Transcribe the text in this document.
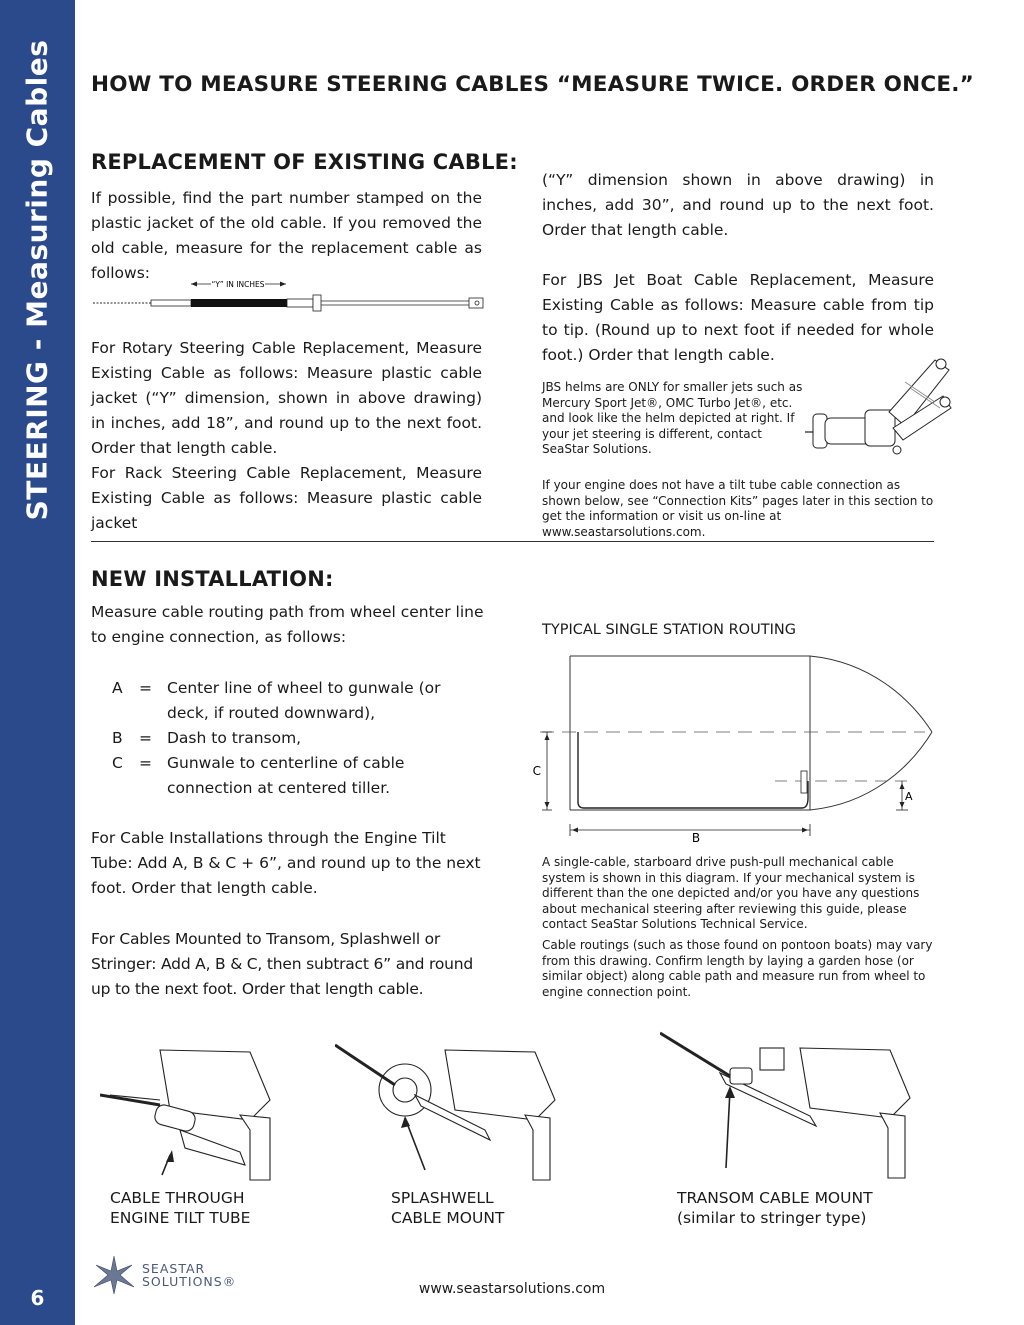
STEERING - Measuring Cables
6
HOW TO MEASURE STEERING CABLES “MEASURE TWICE. ORDER ONCE.”
REPLACEMENT OF EXISTING CABLE:

If possible, find the part number stamped on the plastic jacket of the old cable. If you removed the old cable, measure for the replacement cable as follows:

“Y” IN INCHES

For Rotary Steering Cable Replacement, Measure Existing Cable as follows: Measure plastic cable jacket (“Y” dimension, shown in above drawing) in inches, add 18”, and round up to the next foot. Order that length cable.

For Rack Steering Cable Replacement, Measure Existing Cable as follows: Measure plastic cable jacket

(“Y” dimension shown in above drawing) in inches, add 30”, and round up to the next foot. Order that length cable.

For JBS Jet Boat Cable Replacement, Measure Existing Cable as follows: Measure cable from tip to tip. (Round up to next foot if needed for whole foot.) Order that length cable.

JBS helms are ONLY for smaller jets such as Mercury Sport Jet®, OMC Turbo Jet®, etc. and look like the helm depicted at right. If your jet steering is different, contact SeaStar Solutions.

If your engine does not have a tilt tube cable connection as shown below, see “Connection Kits” pages later in this section to get the information or visit us on-line at www.seastarsolutions.com.

NEW INSTALLATION:

Measure cable routing path from wheel center line to engine connection, as follows:

A	= Center line of wheel to gunwale (or
deck, if routed downward),
B	= Dash to transom,
C	= Gunwale to centerline of cable
connection at centered tiller.

For Cable Installations through the Engine Tilt Tube: Add A, B & C + 6”, and round up to the next foot. Order that length cable.

For Cables Mounted to Transom, Splashwell or Stringer: Add A, B & C, then subtract 6” and round up to the next foot. Order that length cable.

TYPICAL SINGLE STATION ROUTING
C
A
B

A single-cable, starboard drive push-pull mechanical cable system is shown in this diagram. If your mechanical system is different than the one depicted and/or you have any questions about mechanical steering after reviewing this guide, please contact SeaStar Solutions Technical Service.

Cable routings (such as those found on pontoon boats) may vary from this drawing. Confirm length by laying a garden hose (or similar object) along cable path and measure run from wheel to engine connection point.

CABLE THROUGH
ENGINE TILT TUBE
SPLASHWELL
CABLE MOUNT
TRANSOM CABLE MOUNT
(similar to stringer type)
SEASTAR
SOLUTIONS®	www.seastarsolutions.com
